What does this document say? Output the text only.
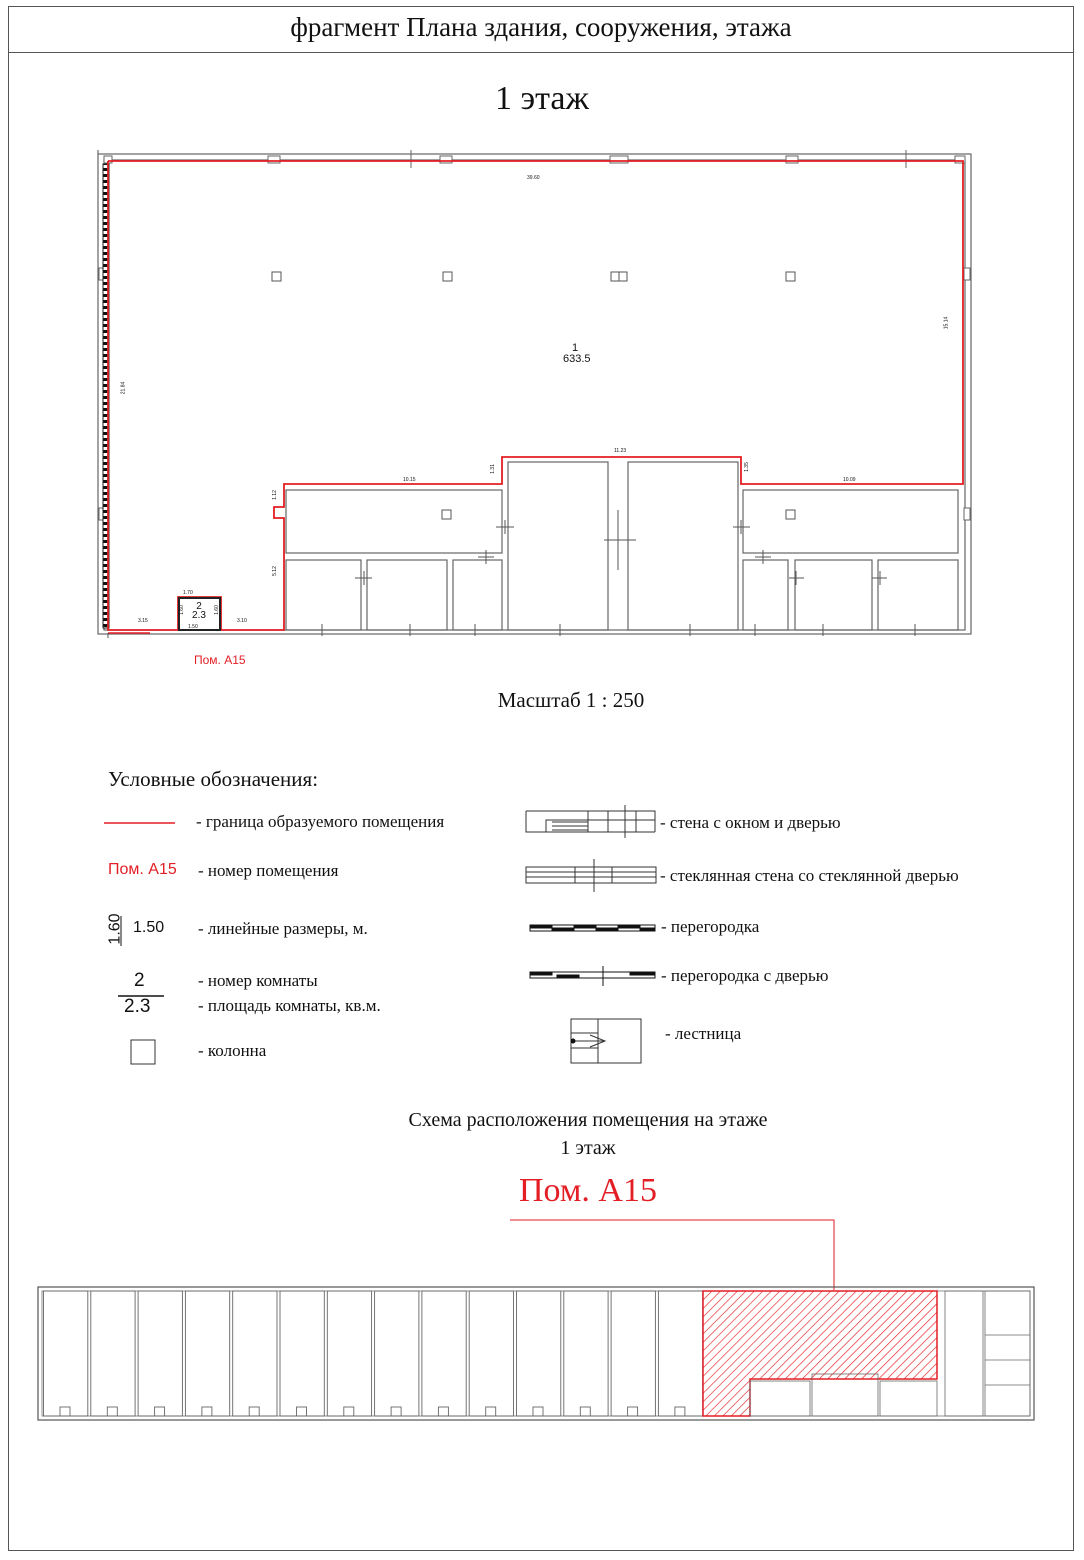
фрагмент Плана здания, сооружения, этажа
1 этаж
1
633.5
39.60
21.84
15.14
10.15
1.31
11.23
1.35
10.09
1.12
5.12
3.15	3.10
1.70
1.60	1.60
1.50
2
2.3
Пом. А15
Масштаб 1 : 250
Условные обозначения:
- граница образуемого помещения
Пом. А15 - номер помещения
1.60 1.50 - линейные размеры, м.
2	- номер комнаты
2.3	- площадь комнаты, кв.м.
- колонна
- стена с окном и дверью
- стеклянная стена со стеклянной дверью
- перегородка
- перегородка с дверью
- лестница
Схема расположения помещения на этаже
1 этаж
Пом. А15
